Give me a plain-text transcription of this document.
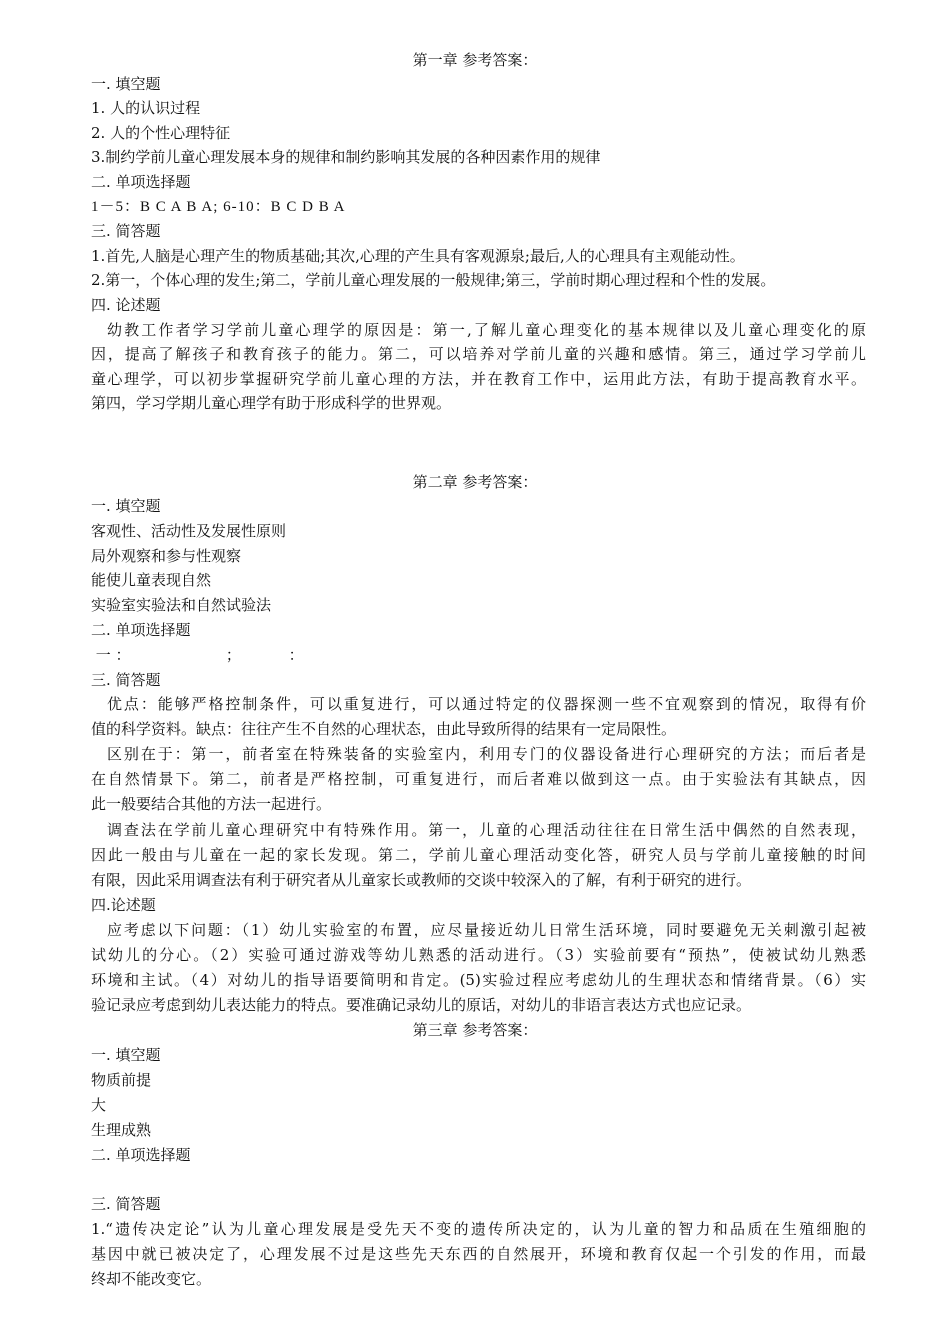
第一章 参考答案：
一. 填空题
1. 人的认识过程
2. 人的个性心理特征
3.制约学前儿童心理发展本身的规律和制约影响其发展的各种因素作用的规律
二. 单项选择题
1－5：B C A B A; 6-10：B C D B A
三. 简答题
1.首先,人脑是心理产生的物质基础;其次,心理的产生具有客观源泉;最后,人的心理具有主观能动性。
2.第一，个体心理的发生;第二，学前儿童心理发展的一般规律;第三，学前时期心理过程和个性的发展。
四. 论述题
幼教工作者学习学前儿童心理学的原因是：第一,了解儿童心理变化的基本规律以及儿童心理变化的原
因，提高了解孩子和教育孩子的能力。第二，可以培养对学前儿童的兴趣和感情。第三，通过学习学前儿
童心理学，可以初步掌握研究学前儿童心理的方法，并在教育工作中，运用此方法，有助于提高教育水平。
第四，学习学期儿童心理学有助于形成科学的世界观。
第二章 参考答案：
一. 填空题
客观性、活动性及发展性原则
局外观察和参与性观察
能使儿童表现自然
实验室实验法和自然试验法
二. 单项选择题
一 ：                    ；          ：
三. 简答题
优点：能够严格控制条件，可以重复进行，可以通过特定的仪器探测一些不宜观察到的情况，取得有价
值的科学资料。缺点：往往产生不自然的心理状态，由此导致所得的结果有一定局限性。
区别在于：第一，前者室在特殊装备的实验室内，利用专门的仪器设备进行心理研究的方法；而后者是
在自然情景下。第二，前者是严格控制，可重复进行，而后者难以做到这一点。由于实验法有其缺点，因
此一般要结合其他的方法一起进行。
调查法在学前儿童心理研究中有特殊作用。第一，儿童的心理活动往往在日常生活中偶然的自然表现，
因此一般由与儿童在一起的家长发现。第二，学前儿童心理活动变化答，研究人员与学前儿童接触的时间
有限，因此采用调查法有利于研究者从儿童家长或教师的交谈中较深入的了解，有利于研究的进行。
四.论述题
应考虑以下问题：（1）幼儿实验室的布置，应尽量接近幼儿日常生活环境，同时要避免无关刺激引起被
试幼儿的分心。（2）实验可通过游戏等幼儿熟悉的活动进行。（3）实验前要有“预热”，使被试幼儿熟悉
环境和主试。（4）对幼儿的指导语要简明和肯定。(5)实验过程应考虑幼儿的生理状态和情绪背景。（6）实
验记录应考虑到幼儿表达能力的特点。要准确记录幼儿的原话，对幼儿的非语言表达方式也应记录。
第三章 参考答案：
一. 填空题
物质前提
大
生理成熟
二. 单项选择题
三. 简答题
1.“遗传决定论”认为儿童心理发展是受先天不变的遗传所决定的，认为儿童的智力和品质在生殖细胞的
基因中就已被决定了，心理发展不过是这些先天东西的自然展开，环境和教育仅起一个引发的作用，而最
终却不能改变它。
